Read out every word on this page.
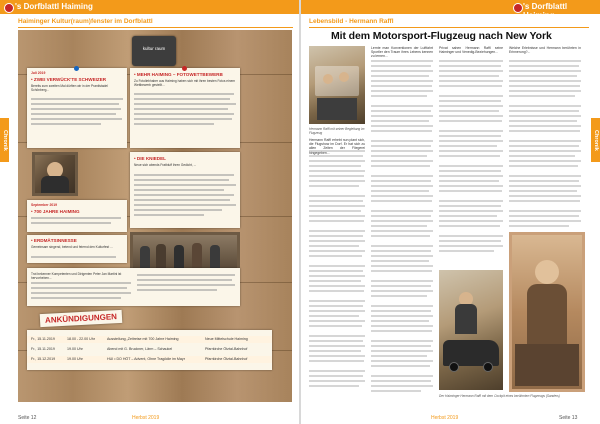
's Dorfblattl Haiming
Chronik
Haiminger Kultur(raum)fenster im Dorfblattl
kultur raum
Juli 2019
• ZWEI VERWÜCK'TE SCHWEIZER
Bereits zum zweiten Mal dürften wir in der Prantlstadel Schönberg...
• MEHR HAIMING – FOTOWETTBEWERB
Zu Fotoliebhaber aus Haiming haben sich mit ihren besten Fotos einem Wettbewerb gestellt...
• DIE KNIEDEL
Neue sich abends Fratbluff ihren Gedicht, ...
September 2019
• 700 JAHRE HAIMING
• ERDMÄTSINNESSE
Gemeinsam singend, betend und feiernd den Kulturfest ...
Trot bekenner Kompetenten und Dirigenten Peter Jan Martini ist hervorheben...
ANKÜNDIGUNGEN
Fr., 15.11.2019	18.00 - 22.00 Uhr	Ausstellung „Zeitreise mit 700 Jahre Haiming	Neue Mittelschule Haiming
Fr., 15.11.2019	19.00 Uhr	Abend mit G. Bruckner, Lärm – Schaukel	Pfarrkirche Ötztal-Bahnhof
Fr., 15.12.2019	19.00 Uhr	HUI • DO HÖT – Advent, Ohne Tragödie im Mayr	Pfarrkirche Ötztal-Bahnhof
Seite 12	Herbst 2019
's Dorfblattl Haiming
Chronik
Lebensbild - Hermann Raffl
Mit dem Motorsport-Flugzeug nach New York
Hermann Raffl mit seiner Begleitung im Flugzeug
Hermann Raffl erhebt nun plant sich, die Flugshow im Dorf. Er hat sich zu allen Zeiten der Fliegerei hingegeben...
Lernte man Konventionen der Luftfahrt Sportler den Traum ihres Lebens kennen zu lernen...
Privat sahen Hermann Raffl seine Haiminger und Venedig-Beziehungen...
Der Haiminger Hermann Raffl mit dem Cockpit eines berühmten Flugzeugs (Sanders)
Welche Erlebnisse und Hermann berührten in Erinnerung?...
Herbst 2019	Seite 13
